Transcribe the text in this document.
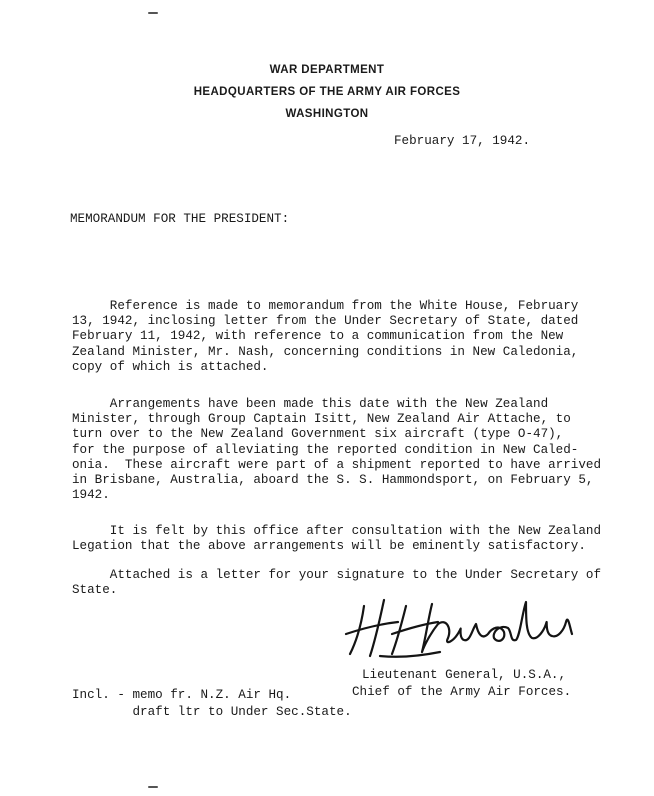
WAR DEPARTMENT
HEADQUARTERS OF THE ARMY AIR FORCES
WASHINGTON
February 17, 1942.
MEMORANDUM FOR THE PRESIDENT:
Reference is made to memorandum from the White House, February
13, 1942, inclosing letter from the Under Secretary of State, dated
February 11, 1942, with reference to a communication from the New
Zealand Minister, Mr. Nash, concerning conditions in New Caledonia,
copy of which is attached.
Arrangements have been made this date with the New Zealand
Minister, through Group Captain Isitt, New Zealand Air Attache, to
turn over to the New Zealand Government six aircraft (type O-47),
for the purpose of alleviating the reported condition in New Caled-
onia.  These aircraft were part of a shipment reported to have arrived
in Brisbane, Australia, aboard the S. S. Hammondsport, on February 5,
1942.
It is felt by this office after consultation with the New Zealand
Legation that the above arrangements will be eminently satisfactory.
Attached is a letter for your signature to the Under Secretary of
State.
Lieutenant General, U.S.A.,
Chief of the Army Air Forces.
Incl. - memo fr. N.Z. Air Hq.
draft ltr to Under Sec.State.
